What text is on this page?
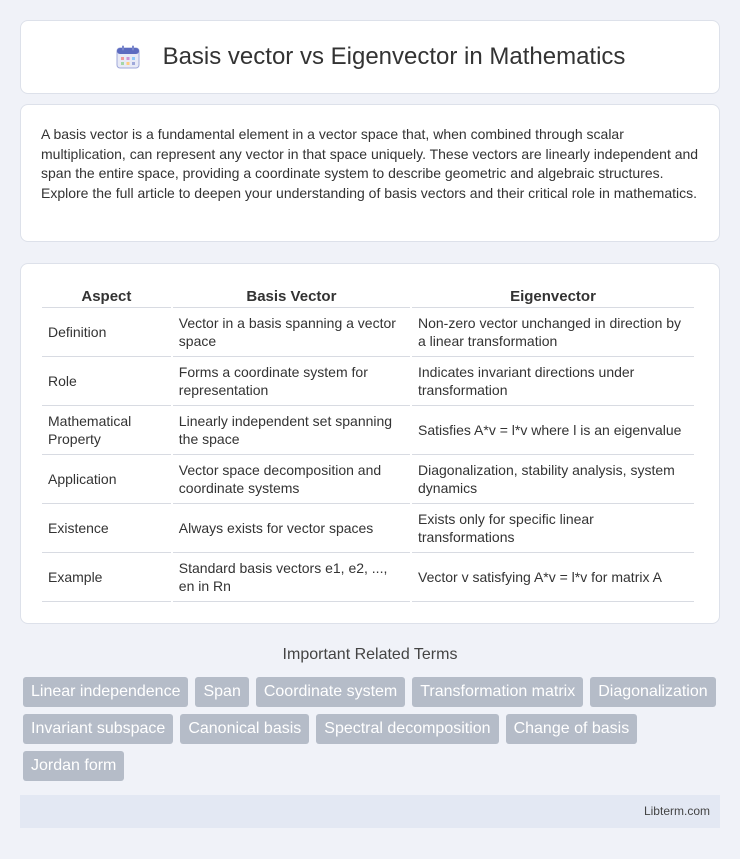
Basis vector vs Eigenvector in Mathematics

A basis vector is a fundamental element in a vector space that, when combined through scalar multiplication, can represent any vector in that space uniquely. These vectors are linearly independent and span the entire space, providing a coordinate system to describe geometric and algebraic structures. Explore the full article to deepen your understanding of basis vectors and their critical role in mathematics.

Aspect	Basis Vector	Eigenvector
Definition	Vector in a basis spanning a vector space	Non-zero vector unchanged in direction by a linear transformation
Role	Forms a coordinate system for representation	Indicates invariant directions under transformation
Mathematical Property	Linearly independent set spanning the space	Satisfies A*v = l*v where l is an eigenvalue
Application	Vector space decomposition and coordinate systems	Diagonalization, stability analysis, system dynamics
Existence	Always exists for vector spaces	Exists only for specific linear transformations
Example	Standard basis vectors e1, e2, ..., en in Rn	Vector v satisfying A*v = l*v for matrix A
Important Related Terms
Linear independence	Span	Coordinate system	Transformation matrix	Diagonalization
Invariant subspace	Canonical basis	Spectral decomposition	Change of basis
Jordan form
Libterm.com
